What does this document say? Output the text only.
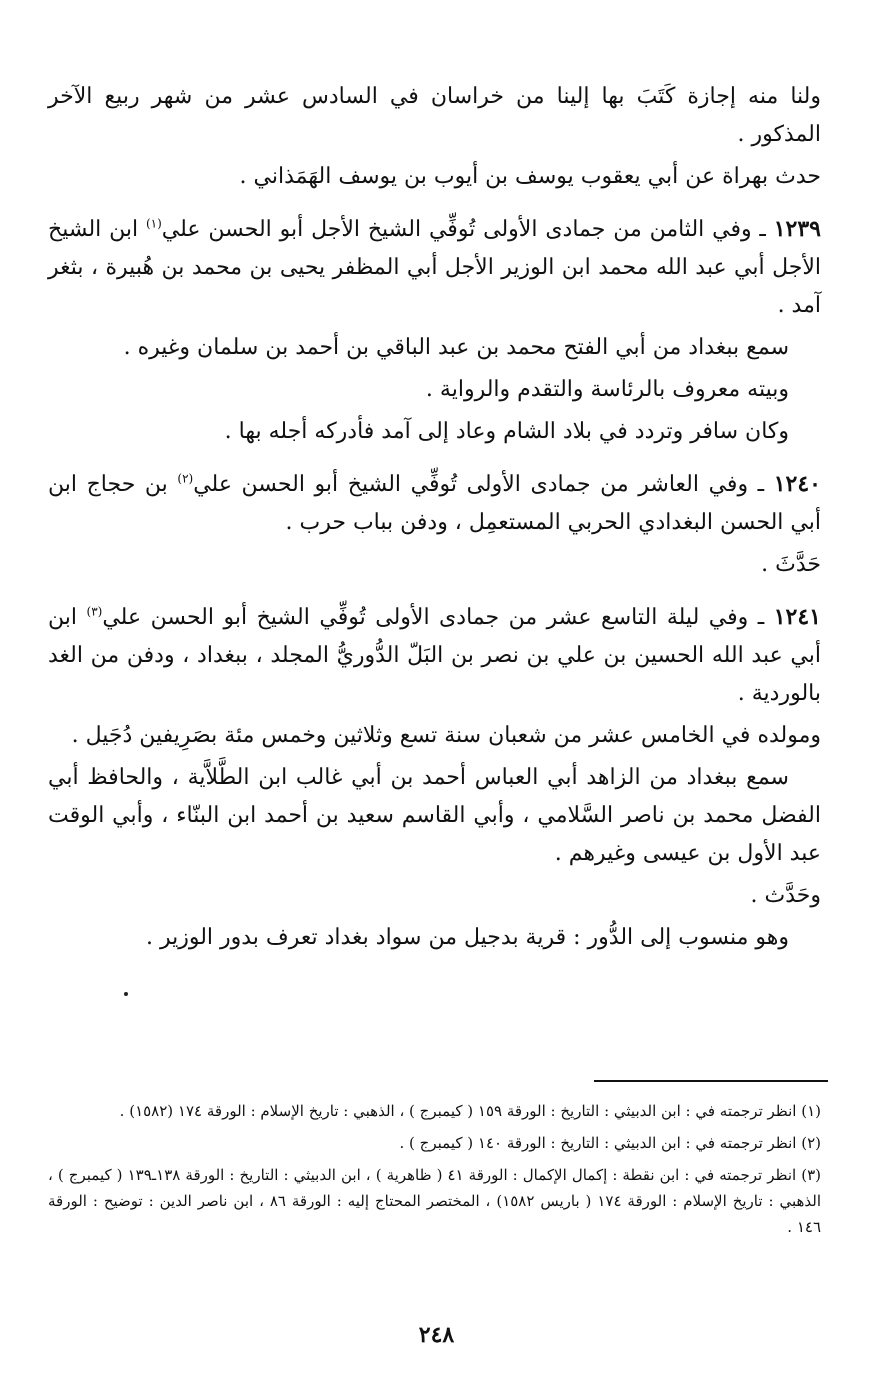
ولنا منه إجازة كَتَبَ بها إلينا من خراسان في السادس عشر من شهر ربيع الآخر المذكور .

حدث بهراة عن أبي يعقوب يوسف بن أيوب بن يوسف الهَمَذاني .

١٢٣٩ ـ وفي الثامن من جمادى الأولى تُوفِّي الشيخ الأجل أبو الحسن علي$^{(١)}$ ابن الشيخ الأجل أبي عبد الله محمد ابن الوزير الأجل أبي المظفر يحيى بن محمد بن هُبيرة ، بثغر آمد .

سمع ببغداد من أبي الفتح محمد بن عبد الباقي بن أحمد بن سلمان وغيره .

وبيته معروف بالرئاسة والتقدم والرواية .

وكان سافر وتردد في بلاد الشام وعاد إلى آمد فأدركه أجله بها .

١٢٤٠ ـ وفي العاشر من جمادى الأولى تُوفِّي الشيخ أبو الحسن علي$^{(٢)}$ بن حجاج ابن أبي الحسن البغدادي الحربي المستعمِل ، ودفن بباب حرب .

حَدَّثَ .

١٢٤١ ـ وفي ليلة التاسع عشر من جمادى الأولى تُوفِّي الشيخ أبو الحسن علي$^{(٣)}$ ابن أبي عبد الله الحسين بن علي بن نصر بن البَلّ الدُّوريُّ المجلد ، ببغداد ، ودفن من الغد بالوردية .

ومولده في الخامس عشر من شعبان سنة تسع وثلاثين وخمس مئة بصَرِيفين دُجَيل .

سمع ببغداد من الزاهد أبي العباس أحمد بن أبي غالب ابن الطَّلاَّية ، والحافظ أبي الفضل محمد بن ناصر السَّلامي ، وأبي القاسم سعيد بن أحمد ابن البنّاء ، وأبي الوقت عبد الأول بن عيسى وغيرهم .

وحَدَّث .

وهو منسوب إلى الدُّور : قرية بدجيل من سواد بغداد تعرف بدور الوزير .

(١) انظر ترجمته في : ابن الدبيثي : التاريخ : الورقة ١٥٩ ( كيمبرج ) ، الذهبي : تاريخ الإسلام : الورقة ١٧٤ (١٥٨٢) .

(٢) انظر ترجمته في : ابن الدبيثي : التاريخ : الورقة ١٤٠ ( كيمبرج ) .

(٣) انظر ترجمته في : ابن نقطة : إكمال الإكمال : الورقة ٤١ ( ظاهرية ) ، ابن الدبيثي : التاريخ : الورقة ١٣٨ـ١٣٩ ( كيمبرج ) ، الذهبي : تاريخ الإسلام : الورقة ١٧٤ ( باريس ١٥٨٢) ، المختصر المحتاج إليه : الورقة ٨٦ ، ابن ناصر الدين : توضيح : الورقة ١٤٦ .

٢٤٨
